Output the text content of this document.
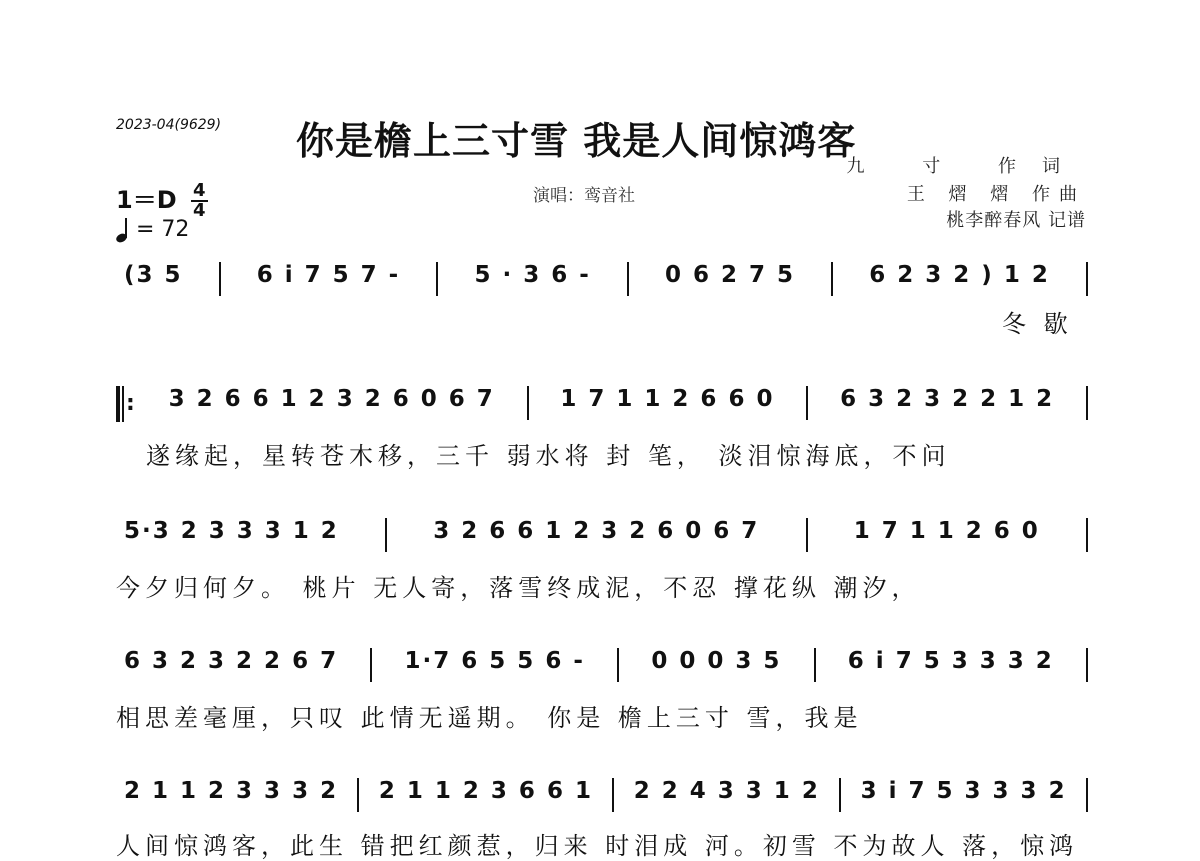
2023-04(9629) 你是檐上三寸雪 我是人间惊鸿客
演唱：鸾音社
九 寸 作词
王 熠 熠 作曲
桃李醉春风 记谱
$1=D \frac{4}{4}$
= 72
(3 5	6 i 7 5 7 -	5 · 3 6 -	0 6 2 7 5	6 2 3 2 ) 1 2
冬 歇
:	3 2 6 6 1 2 3 2 6 0 6 7	1 7 1 1 2 6 6 0	6 3 2 3 2 2 1 2
遂缘起，星转苍木移，三千 弱水将 封 笔， 淡泪惊海底，不问
5·3 2 3 3 3 1 2	3 2 6 6 1 2 3 2 6 0 6 7	1 7 1 1 2 6 0
今夕归何夕。 桃片 无人寄，落雪终成泥，不忍 撑花纵 潮汐，
6 3 2 3 2 2 6 7	1·7 6 5 5 6 -	0 0 0 3 5	6 i 7 5 3 3 3 2
相思差毫厘，只叹 此情无遥期。 你是 檐上三寸 雪，我是
2 1 1 2 3 3 3 2	2 1 1 2 3 6 6 1	2 2 4 3 3 1 2	3 i 7 5 3 3 3 2
人间惊鸿客，此生 错把红颜惹，归来 时泪成 河。初雪 不为故人 落，惊鸿
